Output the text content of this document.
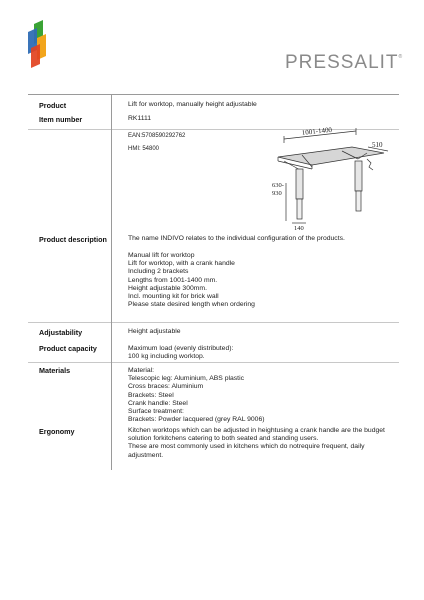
PRESSALIT®
Product	Lift for worktop, manually height adjustable
Item number	RK1111
EAN:5708590292762
HMI: 54800
1001-1400
510
630-
930
140
Product description	The name INDIVO relates to the individual configuration of the products.
Manual lift for worktop
Lift for worktop, with a crank handle
Including 2 brackets
Lengths from 1001-1400 mm.
Height adjustable 300mm.
Incl. mounting kit for brick wall
Please state desired length when ordering
Adjustability	Height adjustable
Product capacity	Maximum load (evenly distributed):
100 kg including worktop.
Materials	Material:
Telescopic leg: Aluminium, ABS plastic
Cross braces: Aluminium
Brackets: Steel
Crank handle: Steel
Surface treatment:
Brackets: Powder lacquered (grey RAL 9006)
Ergonomy	Kitchen worktops which can be adjusted in heightusing a crank handle are the budget
solution forkitchens catering to both seated and standing users.
These are most commonly used in kitchens which do notrequire frequent, daily
adjustment.
